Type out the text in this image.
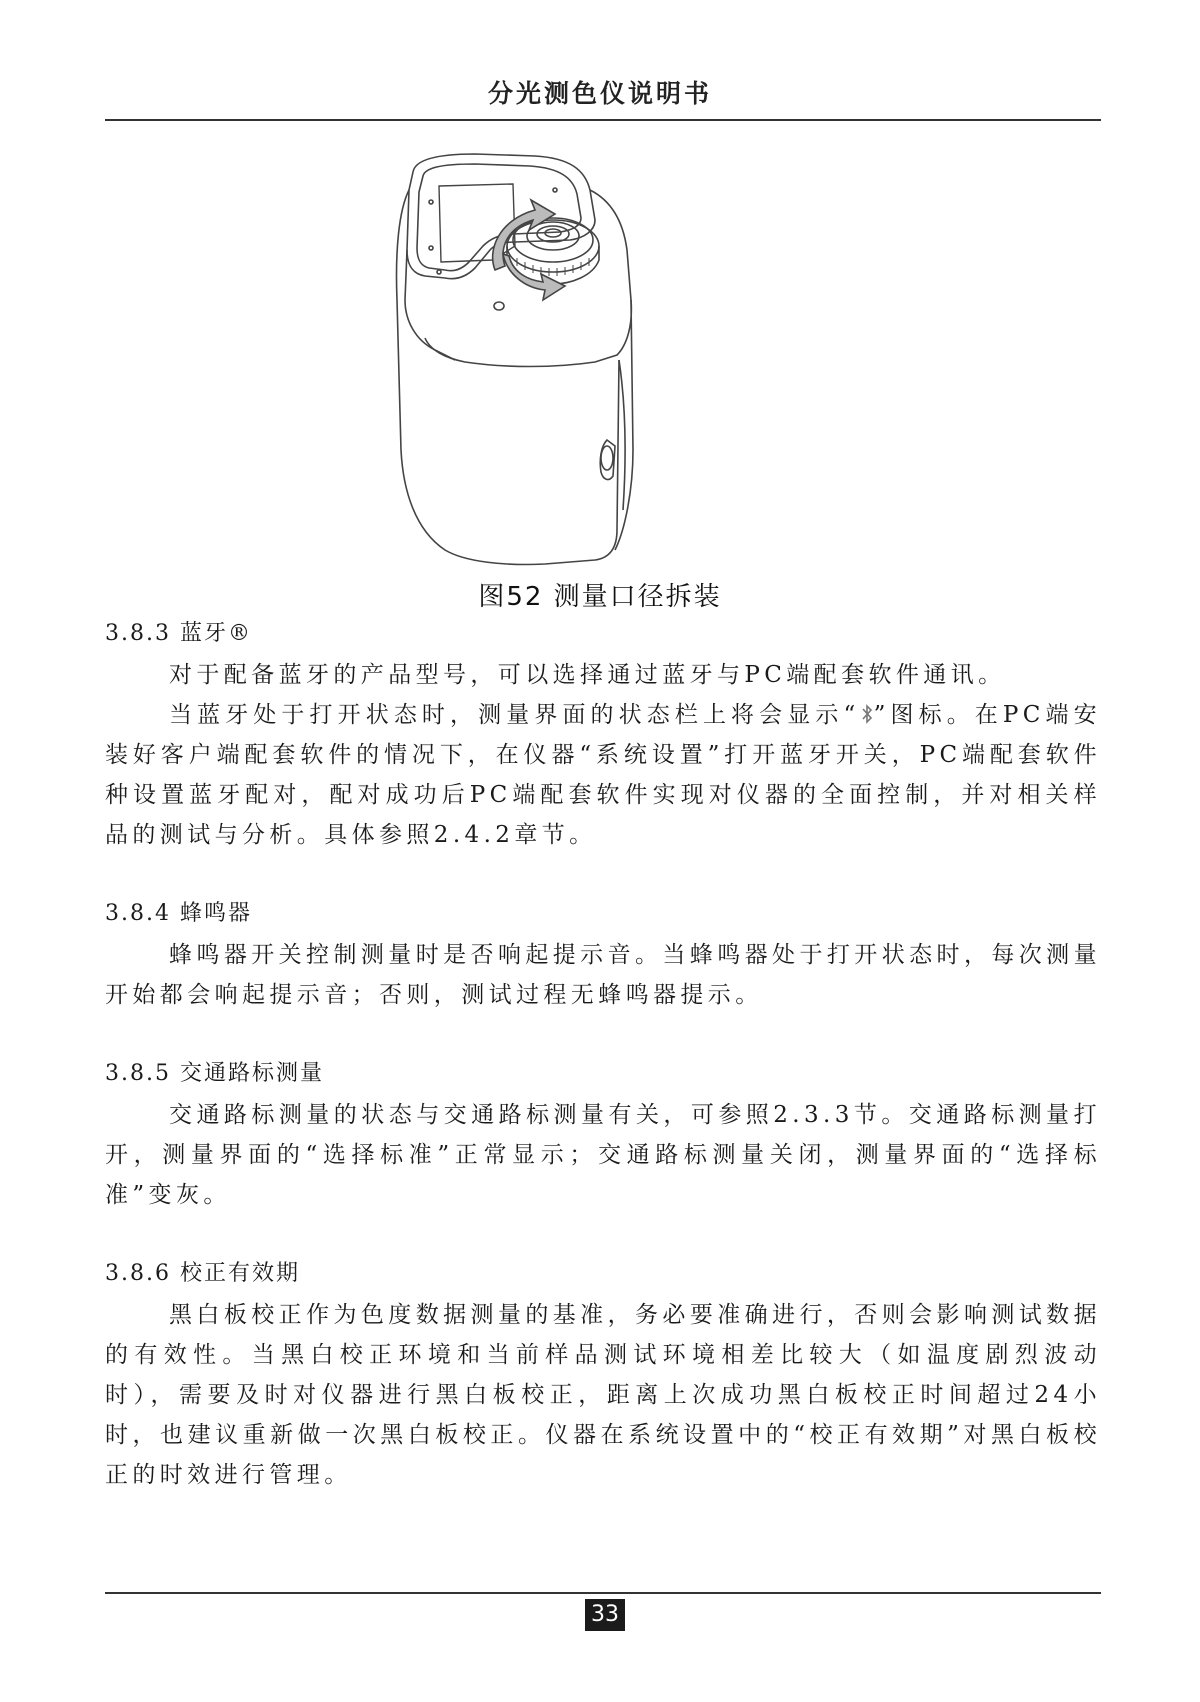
分光测色仪说明书
图52 测量口径拆装
3.8.3 蓝牙®

对于配备蓝牙的产品型号，可以选择通过蓝牙与PC端配套软件通讯。

当蓝牙处于打开状态时，测量界面的状态栏上将会显示“ ”图标。在PC端安装好客户端配套软件的情况下，在仪器“系统设置”打开蓝牙开关，PC端配套软件种设置蓝牙配对，配对成功后PC端配套软件实现对仪器的全面控制，并对相关样品的测试与分析。具体参照2.4.2章节。

3.8.4 蜂鸣器

蜂鸣器开关控制测量时是否响起提示音。当蜂鸣器处于打开状态时，每次测量开始都会响起提示音；否则，测试过程无蜂鸣器提示。

3.8.5 交通路标测量

交通路标测量的状态与交通路标测量有关，可参照2.3.3节。交通路标测量打开，测量界面的“选择标准”正常显示；交通路标测量关闭，测量界面的“选择标准”变灰。

3.8.6 校正有效期

黑白板校正作为色度数据测量的基准，务必要准确进行，否则会影响测试数据的有效性。当黑白校正环境和当前样品测试环境相差比较大（如温度剧烈波动时），需要及时对仪器进行黑白板校正，距离上次成功黑白板校正时间超过24小时，也建议重新做一次黑白板校正。仪器在系统设置中的“校正有效期”对黑白板校正的时效进行管理。

33
